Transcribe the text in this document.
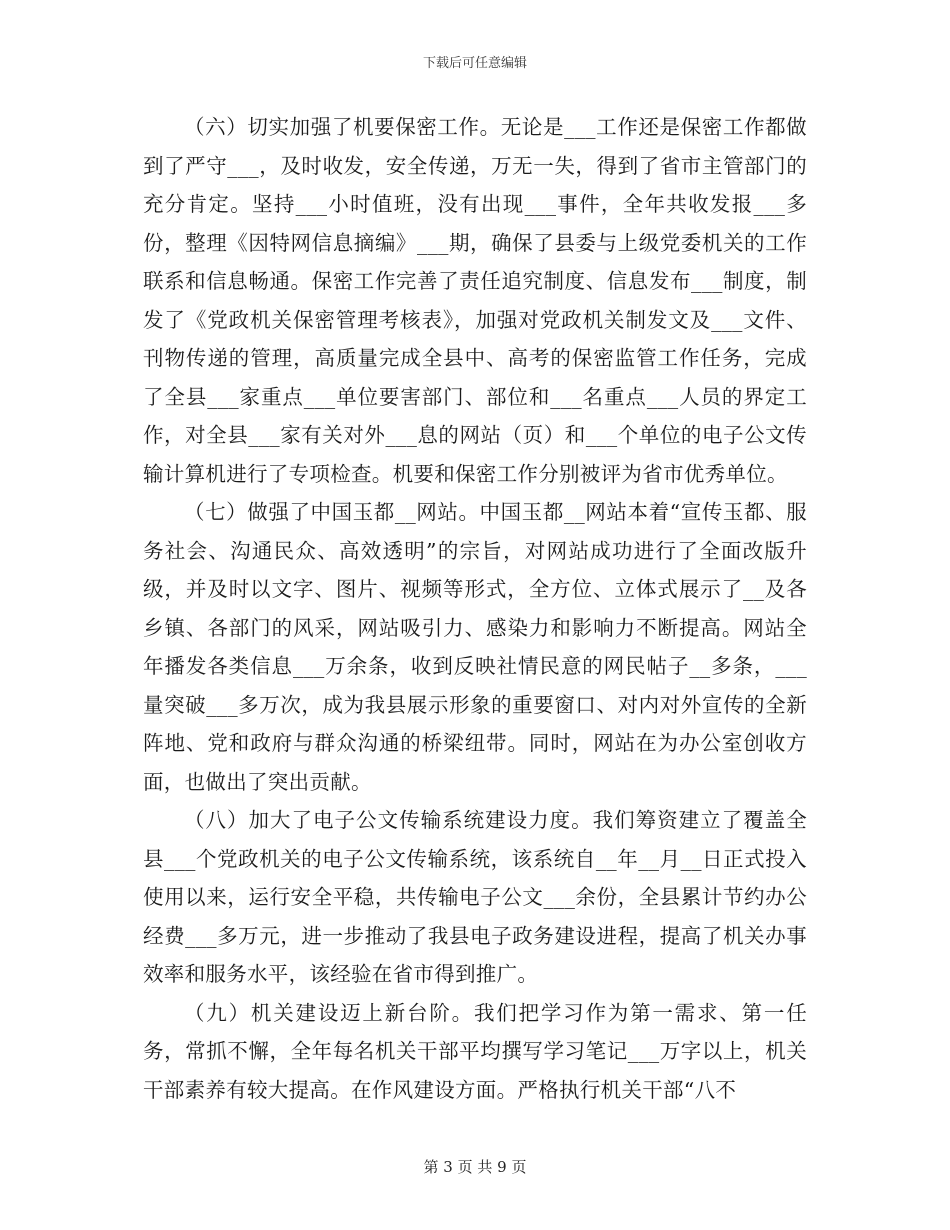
下载后可任意编辑

（六）切实加强了机要保密工作。无论是___工作还是保密工作都做到了严守___，及时收发，安全传递，万无一失，得到了省市主管部门的充分肯定。坚持___小时值班，没有出现___事件，全年共收发报___多份，整理《因特网信息摘编》___期，确保了县委与上级党委机关的工作联系和信息畅通。保密工作完善了责任追究制度、信息发布___制度，制发了《党政机关保密管理考核表》，加强对党政机关制发文及___文件、刊物传递的管理，高质量完成全县中、高考的保密监管工作任务，完成了全县___家重点___单位要害部门、部位和___名重点___人员的界定工作，对全县___家有关对外___息的网站（页）和___个单位的电子公文传输计算机进行了专项检查。机要和保密工作分别被评为省市优秀单位。

（七）做强了中国玉都__网站。中国玉都__网站本着“宣传玉都、服务社会、沟通民众、高效透明”的宗旨，对网站成功进行了全面改版升级，并及时以文字、图片、视频等形式，全方位、立体式展示了__及各乡镇、各部门的风采，网站吸引力、感染力和影响力不断提高。网站全年播发各类信息___万余条，收到反映社情民意的网民帖子__多条，___量突破___多万次，成为我县展示形象的重要窗口、对内对外宣传的全新阵地、党和政府与群众沟通的桥梁纽带。同时，网站在为办公室创收方面，也做出了突出贡献。

（八）加大了电子公文传输系统建设力度。我们筹资建立了覆盖全县___个党政机关的电子公文传输系统，该系统自__年__月__日正式投入使用以来，运行安全平稳，共传输电子公文___余份，全县累计节约办公经费___多万元，进一步推动了我县电子政务建设进程，提高了机关办事效率和服务水平，该经验在省市得到推广。

（九）机关建设迈上新台阶。我们把学习作为第一需求、第一任务，常抓不懈，全年每名机关干部平均撰写学习笔记___万字以上，机关干部素养有较大提高。在作风建设方面。严格执行机关干部“八不

第 3 页 共 9 页
